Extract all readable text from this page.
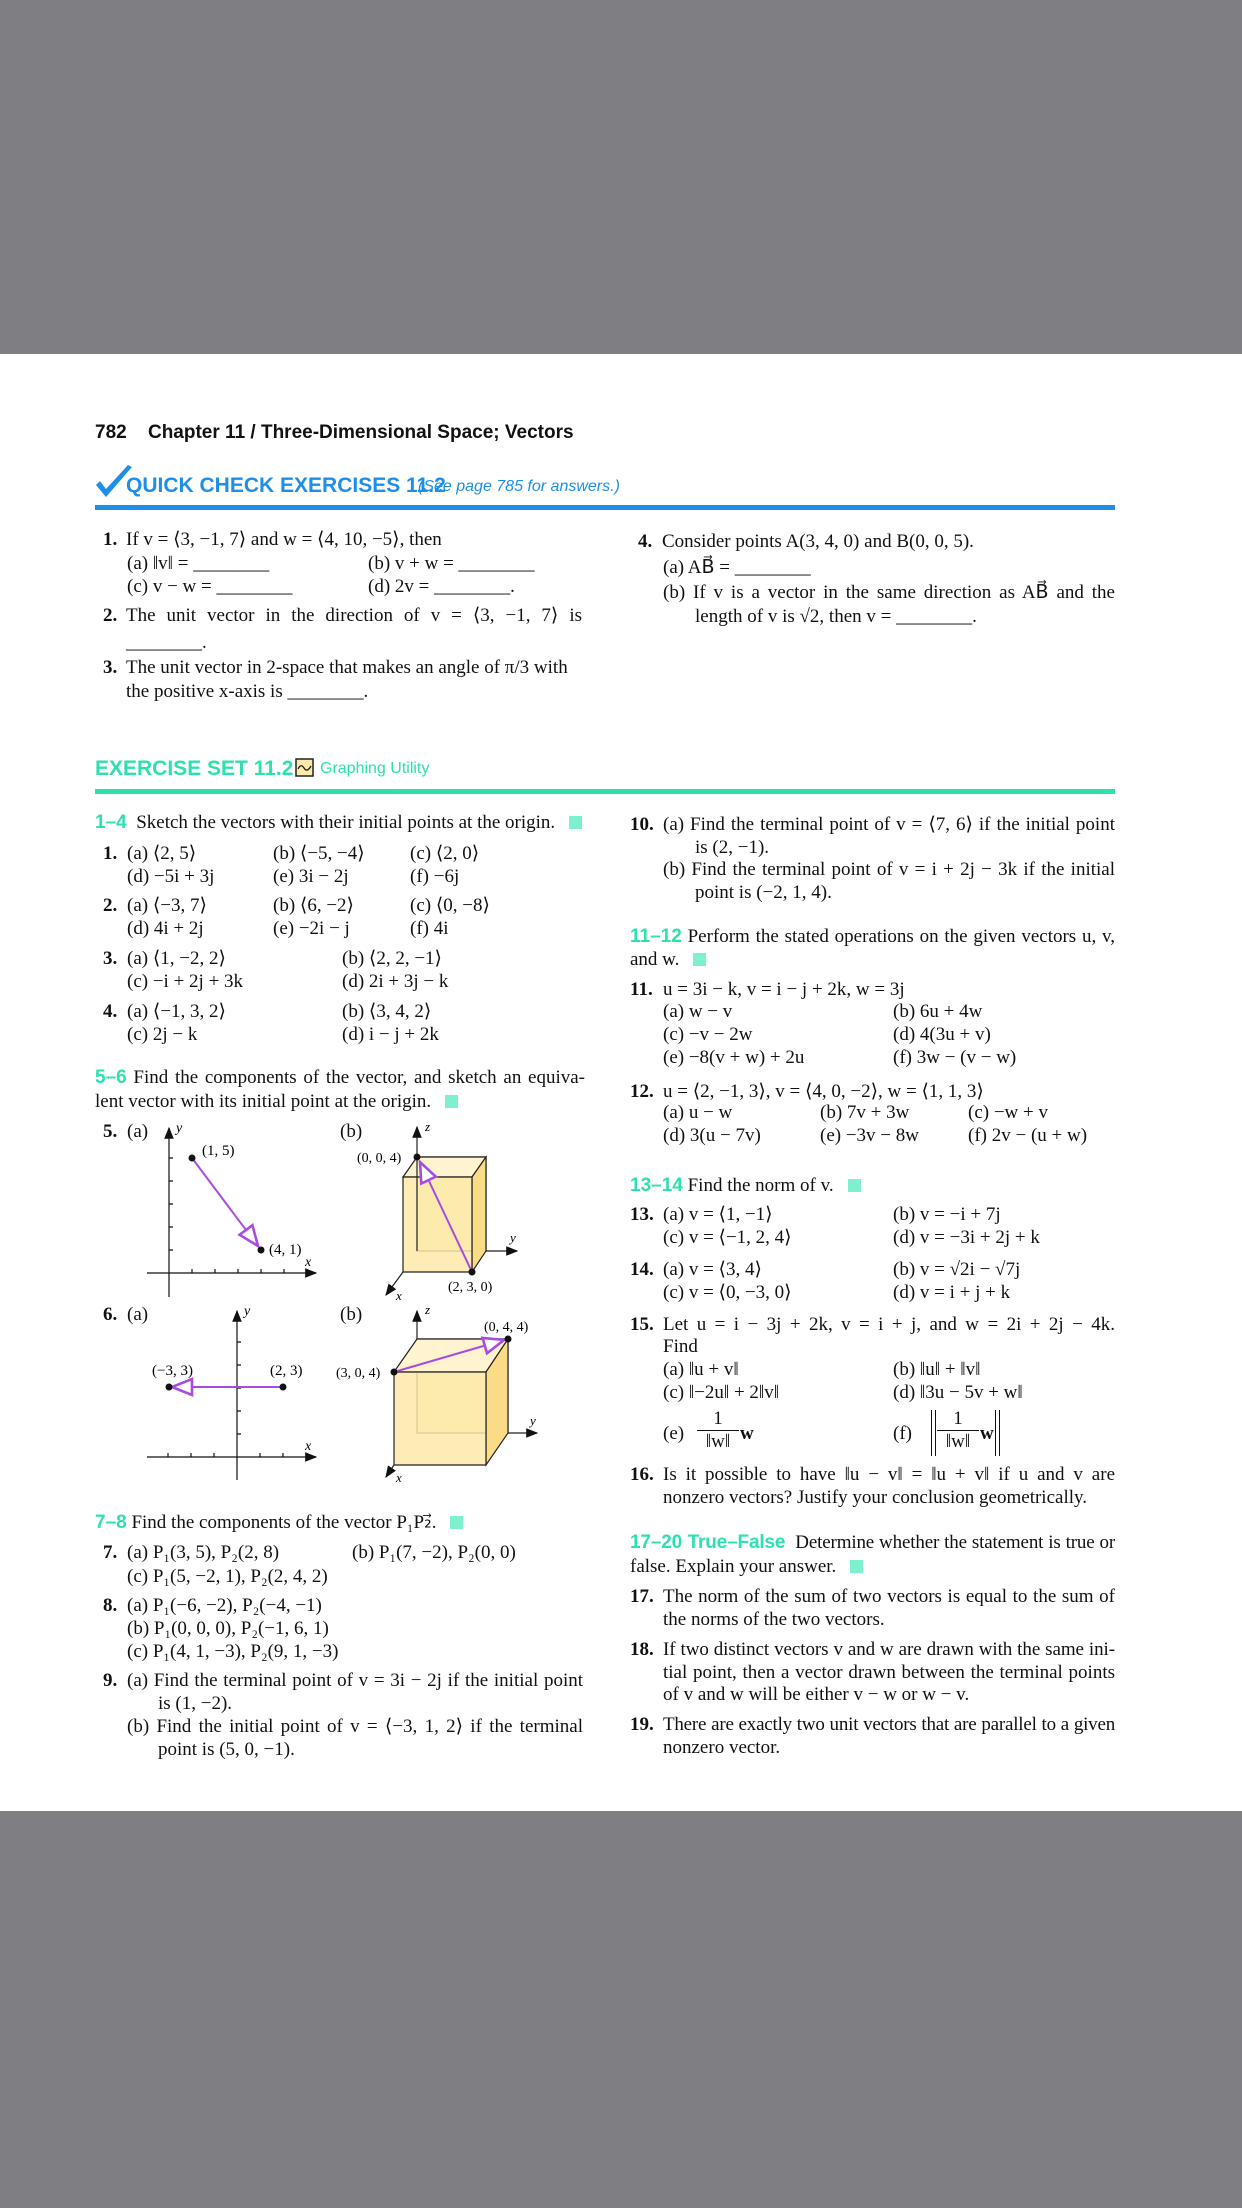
782 Chapter 11 / Three-Dimensional Space; Vectors
QUICK CHECK EXERCISES 11.2
(See page 785 for answers.)
1. If v = ⟨3, −1, 7⟩ and w = ⟨4, 10, −5⟩, then
(a) ‖v‖ = ________	(b) v + w = ________
(c) v − w = ________	(d) 2v = ________.
2. The unit vector in the direction of v = ⟨3, −1, 7⟩ is
________.
3. The unit vector in 2-space that makes an angle of π/3 with
the positive x-axis is ________.
4. Consider points A(3, 4, 0) and B(0, 0, 5).
(a) AB⃗ = ________
(b) If v is a vector in the same direction as AB⃗ and the
length of v is √2, then v = ________.
EXERCISE SET 11.2 Graphing Utility
1–4 Sketch the vectors with their initial points at the origin.
1. (a) ⟨2, 5⟩	(b) ⟨−5, −4⟩ (c) ⟨2, 0⟩
(d) −5i + 3j	(e) 3i − 2j	(f) −6j
2. (a) ⟨−3, 7⟩	(b) ⟨6, −2⟩	(c) ⟨0, −8⟩
(d) 4i + 2j	(e) −2i − j	(f) 4i
3. (a) ⟨1, −2, 2⟩	(b) ⟨2, 2, −1⟩
(c) −i + 2j + 3k	(d) 2i + 3j − k
4. (a) ⟨−1, 3, 2⟩	(b) ⟨3, 4, 2⟩
(c) 2j − k	(d) i − j + 2k
5–6 Find the components of the vector, and sketch an equiva-
lent vector with its initial point at the origin.
5. (a)	(b)
6. (a)	(b)
(1, 5)
(4, 1)
y
x
(0, 0, 4)
(2, 3, 0)
z
y
x
(−3, 3)	(2, 3)
y
x
(3, 0, 4)
(0, 4, 4)
z
y
x
7–8 Find the components of the vector P₁P₂⃗.
7. (a) P₁(3, 5), P₂(2, 8)	(b) P₁(7, −2), P₂(0, 0)
(c) P₁(5, −2, 1), P₂(2, 4, 2)
8. (a) P₁(−6, −2), P₂(−4, −1)
(b) P₁(0, 0, 0), P₂(−1, 6, 1)
(c) P₁(4, 1, −3), P₂(9, 1, −3)
9. (a) Find the terminal point of v = 3i − 2j if the initial point
is (1, −2).
(b) Find the initial point of v = ⟨−3, 1, 2⟩ if the terminal
point is (5, 0, −1).
10. (a) Find the terminal point of v = ⟨7, 6⟩ if the initial point
is (2, −1).
(b) Find the terminal point of v = i + 2j − 3k if the initial
point is (−2, 1, 4).
11–12 Perform the stated operations on the given vectors u, v,
and w.
11. u = 3i − k, v = i − j + 2k, w = 3j
(a) w − v	(b) 6u + 4w
(c) −v − 2w	(d) 4(3u + v)
(e) −8(v + w) + 2u	(f) 3w − (v − w)
12. u = ⟨2, −1, 3⟩, v = ⟨4, 0, −2⟩, w = ⟨1, 1, 3⟩
(a) u − w	(b) 7v + 3w	(c) −w + v
(d) 3(u − 7v)	(e) −3v − 8w	(f) 2v − (u + w)
13–14 Find the norm of v.
13. (a) v = ⟨1, −1⟩	(b) v = −i + 7j
(c) v = ⟨−1, 2, 4⟩	(d) v = −3i + 2j + k
14. (a) v = ⟨3, 4⟩	(b) v = √2i − √7j
(c) v = ⟨0, −3, 0⟩	(d) v = i + j + k
15. Let u = i − 3j + 2k, v = i + j, and w = 2i + 2j − 4k.
Find
(a) ‖u + v‖	(b) ‖u‖ + ‖v‖
(c) ‖−2u‖ + 2‖v‖	(d) ‖3u − 5v + w‖
$(e) \frac{1}{‖w‖}$ w	$(f) \frac{1}{‖w‖}$ w
16. Is it possible to have ‖u − v‖ = ‖u + v‖ if u and v are
nonzero vectors? Justify your conclusion geometrically.
17–20 True–False Determine whether the statement is true or
false. Explain your answer.
17. The norm of the sum of two vectors is equal to the sum of
the norms of the two vectors.
18. If two distinct vectors v and w are drawn with the same ini-
tial point, then a vector drawn between the terminal points
of v and w will be either v − w or w − v.
19. There are exactly two unit vectors that are parallel to a given
nonzero vector.
